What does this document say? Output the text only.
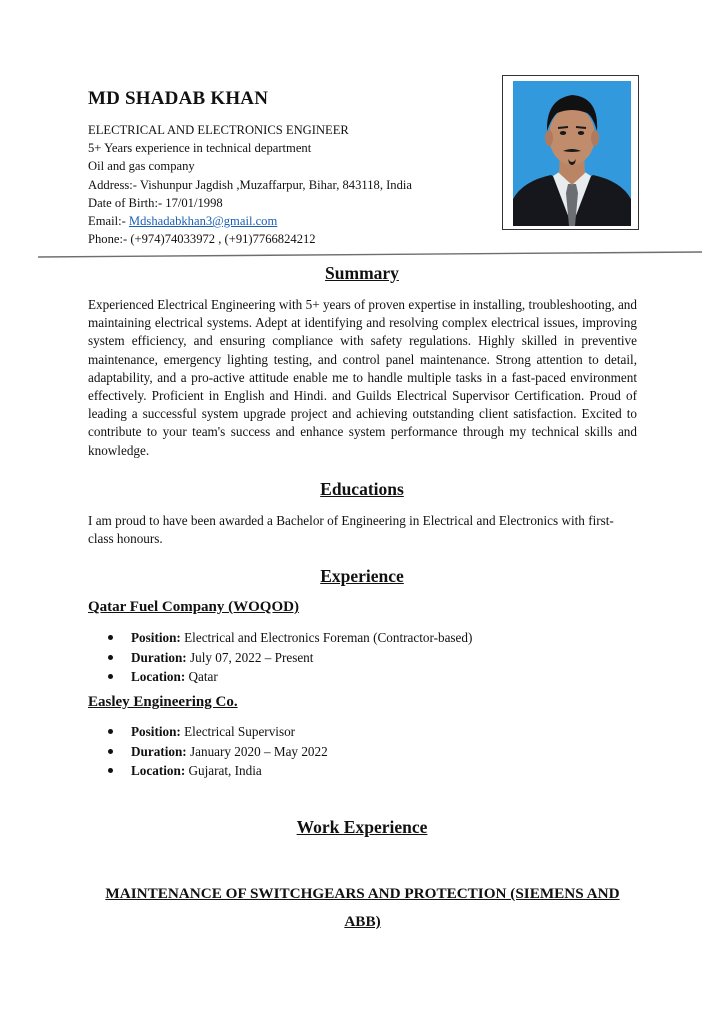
MD SHADAB KHAN
ELECTRICAL AND ELECTRONICS ENGINEER
5+ Years experience in technical department
Oil and gas company
Address:- Vishunpur Jagdish ,Muzaffarpur, Bihar, 843118, India
Date of Birth:- 17/01/1998
Email:- Mdshadabkhan3@gmail.com
Phone:- (+974)74033972 , (+91)7766824212
Summary

Experienced Electrical Engineering with 5+ years of proven expertise in installing, troubleshooting, and maintaining electrical systems. Adept at identifying and resolving complex electrical issues, improving system efficiency, and ensuring compliance with safety regulations. Highly skilled in preventive maintenance, emergency lighting testing, and control panel maintenance. Strong attention to detail, adaptability, and a pro-active attitude enable me to handle multiple tasks in a fast-paced environment effectively. Proficient in English and Hindi. and Guilds Electrical Supervisor Certification. Proud of leading a successful system upgrade project and achieving outstanding client satisfaction. Excited to contribute to your team's success and enhance system performance through my technical skills and knowledge.

Educations

I am proud to have been awarded a Bachelor of Engineering in Electrical and Electronics with first-class honours.

Experience
Qatar Fuel Company (WOQOD)
Position: Electrical and Electronics Foreman (Contractor-based)
Duration: July 07, 2022 – Present
Location: Qatar
Easley Engineering Co.
Position: Electrical Supervisor
Duration: January 2020 – May 2022
Location: Gujarat, India
Work Experience

MAINTENANCE OF SWITCHGEARS AND PROTECTION (SIEMENS AND ABB)
